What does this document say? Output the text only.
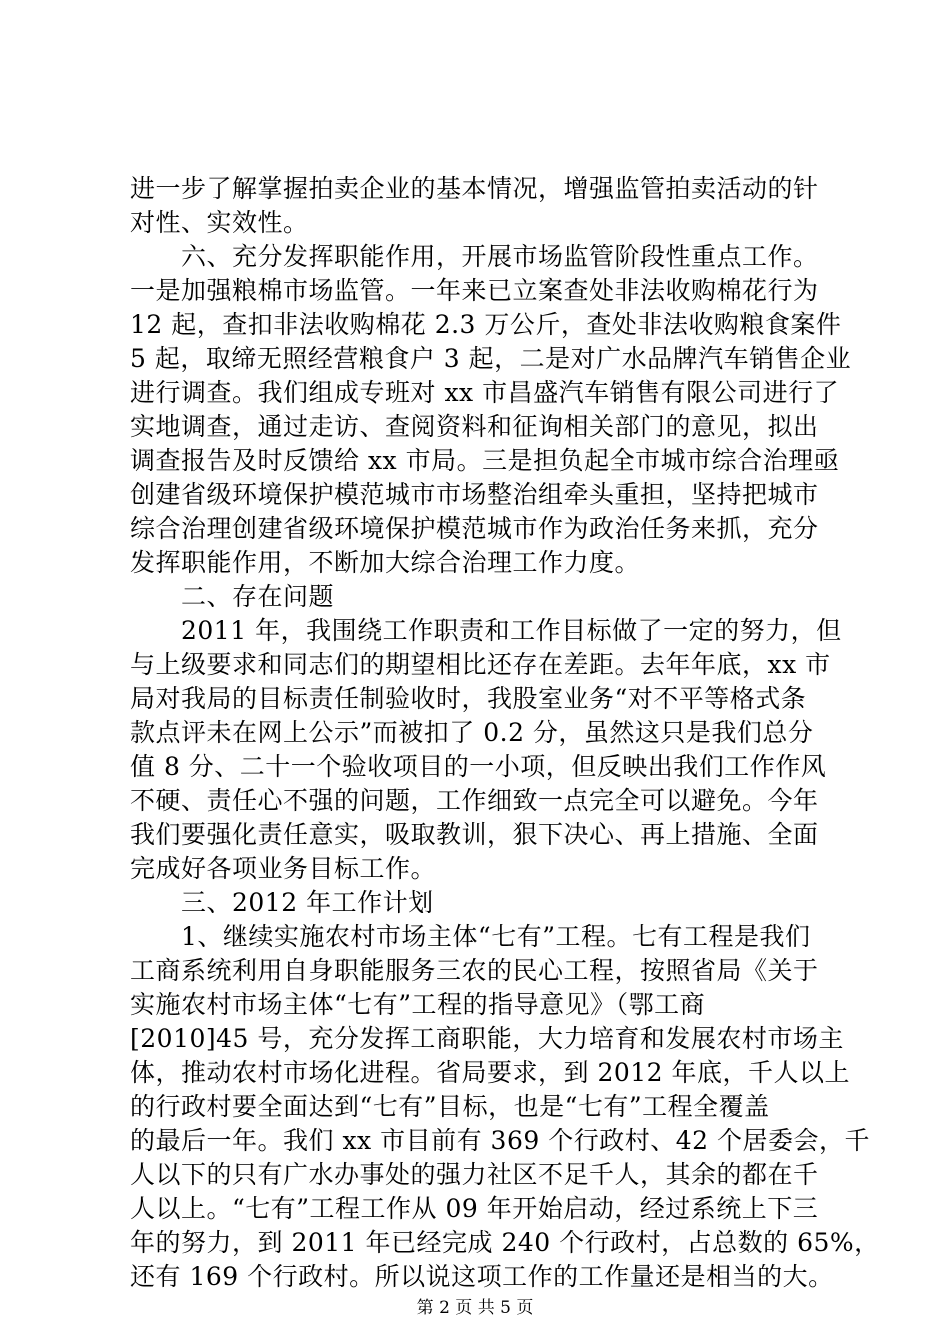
进一步了解掌握拍卖企业的基本情况，增强监管拍卖活动的针
对性、实效性。
　　六、充分发挥职能作用，开展市场监管阶段性重点工作。
一是加强粮棉市场监管。一年来已立案查处非法收购棉花行为
12 起，查扣非法收购棉花 2.3 万公斤，查处非法收购粮食案件
5 起，取缔无照经营粮食户 3 起，二是对广水品牌汽车销售企业
进行调查。我们组成专班对 xx 市昌盛汽车销售有限公司进行了
实地调查，通过走访、查阅资料和征询相关部门的意见，拟出
调查报告及时反馈给 xx 市局。三是担负起全市城市综合治理亟
创建省级环境保护模范城市市场整治组牵头重担，坚持把城市
综合治理创建省级环境保护模范城市作为政治任务来抓，充分
发挥职能作用，不断加大综合治理工作力度。
　　二、存在问题
　　2011 年，我围绕工作职责和工作目标做了一定的努力，但
与上级要求和同志们的期望相比还存在差距。去年年底，xx 市
局对我局的目标责任制验收时，我股室业务“对不平等格式条
款点评未在网上公示”而被扣了 0.2 分，虽然这只是我们总分
值 8 分、二十一个验收项目的一小项，但反映出我们工作作风
不硬、责任心不强的问题，工作细致一点完全可以避免。今年
我们要强化责任意实，吸取教训，狠下决心、再上措施、全面
完成好各项业务目标工作。
　　三、2012 年工作计划
　　1、继续实施农村市场主体“七有”工程。七有工程是我们
工商系统利用自身职能服务三农的民心工程，按照省局《关于
实施农村市场主体“七有”工程的指导意见》（鄂工商
[2010]45 号，充分发挥工商职能，大力培育和发展农村市场主
体，推动农村市场化进程。省局要求，到 2012 年底，千人以上
的行政村要全面达到“七有”目标，也是“七有”工程全覆盖
的最后一年。我们 xx 市目前有 369 个行政村、42 个居委会，千
人以下的只有广水办事处的强力社区不足千人，其余的都在千
人以上。“七有”工程工作从 09 年开始启动，经过系统上下三
年的努力，到 2011 年已经完成 240 个行政村，占总数的 65%，
还有 169 个行政村。所以说这项工作的工作量还是相当的大。
第 2 页 共 5 页
